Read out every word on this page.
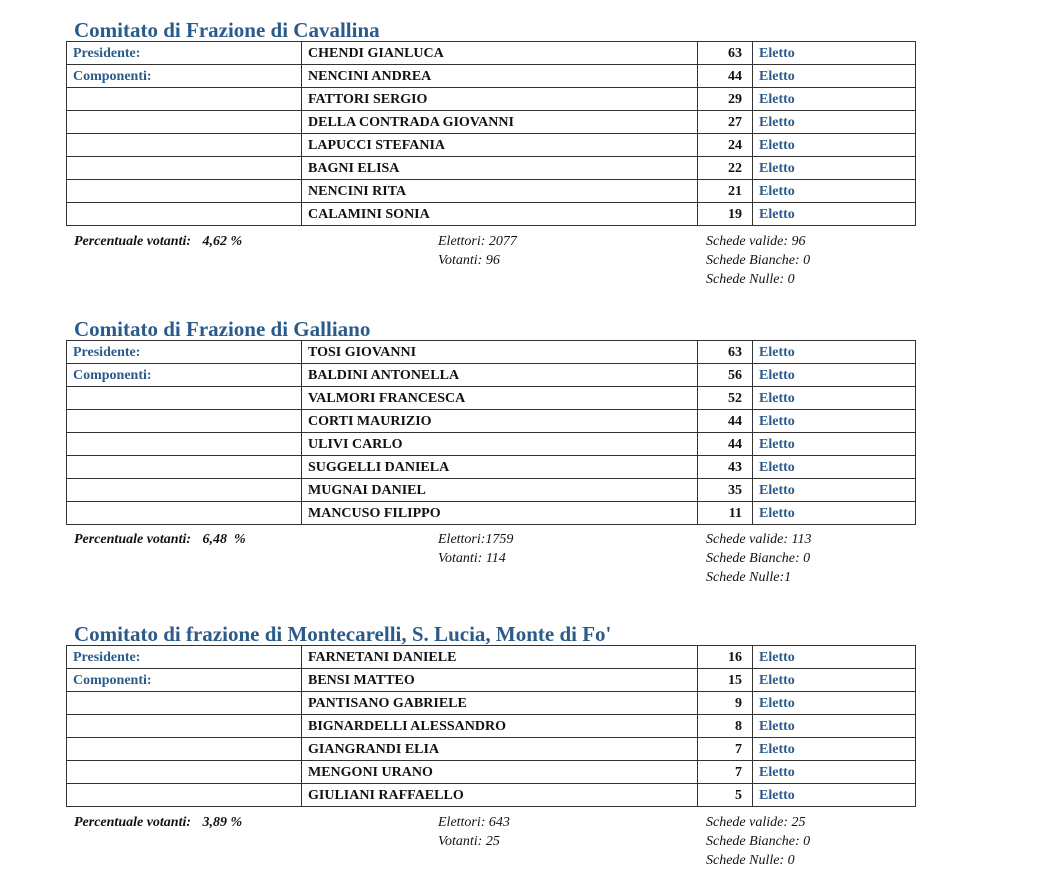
Comitato di Frazione di Cavallina
Presidente:	CHENDI GIANLUCA	63	Eletto
Componenti:	NENCINI ANDREA	44	Eletto
	FATTORI SERGIO	29	Eletto
	DELLA CONTRADA GIOVANNI	27	Eletto
	LAPUCCI STEFANIA	24	Eletto
	BAGNI ELISA	22	Eletto
	NENCINI RITA	21	Eletto
	CALAMINI SONIA	19	Eletto
Percentuale votanti: 4,62 %	Elettori: 2077
Votanti: 96
Schede valide: 96
Schede Bianche: 0
Schede Nulle: 0
Comitato di Frazione di Galliano
Presidente:	TOSI GIOVANNI	63	Eletto
Componenti:	BALDINI ANTONELLA	56	Eletto
	VALMORI FRANCESCA	52	Eletto
	CORTI MAURIZIO	44	Eletto
	ULIVI CARLO	44	Eletto
	SUGGELLI DANIELA	43	Eletto
	MUGNAI DANIEL	35	Eletto
	MANCUSO FILIPPO	11	Eletto
Percentuale votanti: 6,48  %	Elettori:1759
Votanti: 114
Schede valide: 113
Schede Bianche: 0
Schede Nulle:1
Comitato di frazione di Montecarelli, S. Lucia, Monte di Fo'
Presidente:	FARNETANI DANIELE	16	Eletto
Componenti:	BENSI MATTEO	15	Eletto
	PANTISANO GABRIELE	9	Eletto
	BIGNARDELLI ALESSANDRO	8	Eletto
	GIANGRANDI ELIA	7	Eletto
	MENGONI URANO	7	Eletto
	GIULIANI RAFFAELLO	5	Eletto
Percentuale votanti: 3,89 %	Elettori: 643
Votanti: 25
Schede valide: 25
Schede Bianche: 0
Schede Nulle: 0
